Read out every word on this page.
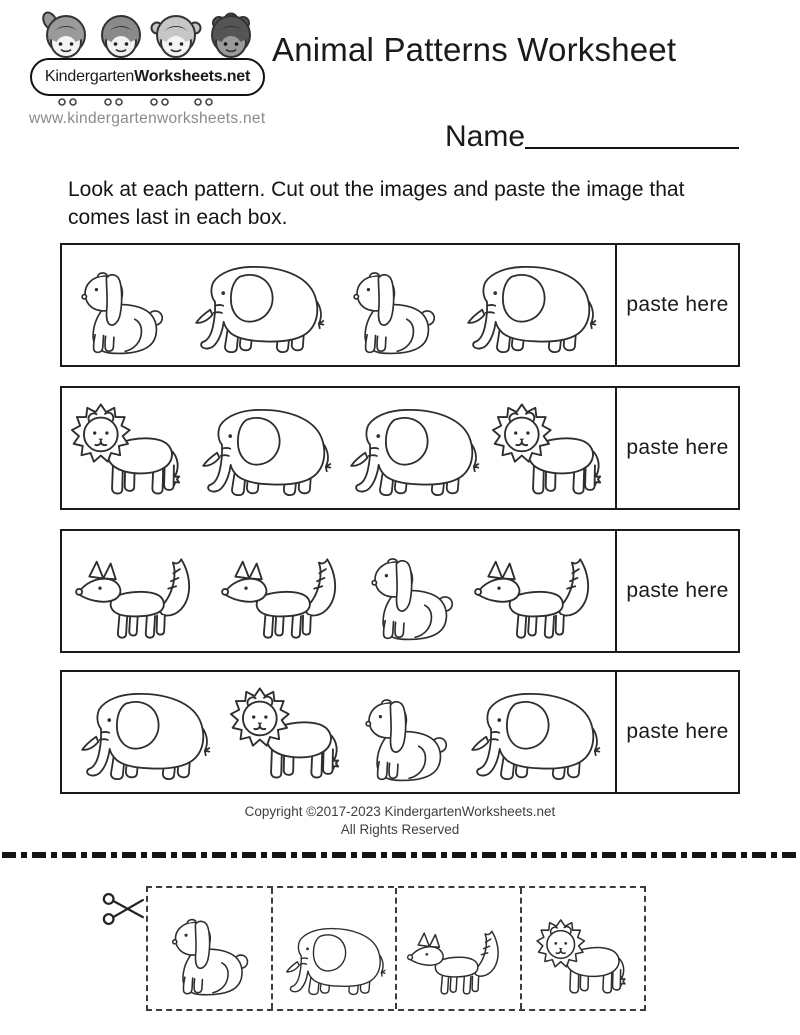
Kindergarten Worksheets.net
www.kindergartenworksheets.net
Animal Patterns Worksheet
Name
Look at each pattern. Cut out the images and paste the image that
comes last in each box.
paste here
paste here
paste here
paste here
Copyright ©2017-2023 KindergartenWorksheets.net
All Rights Reserved
